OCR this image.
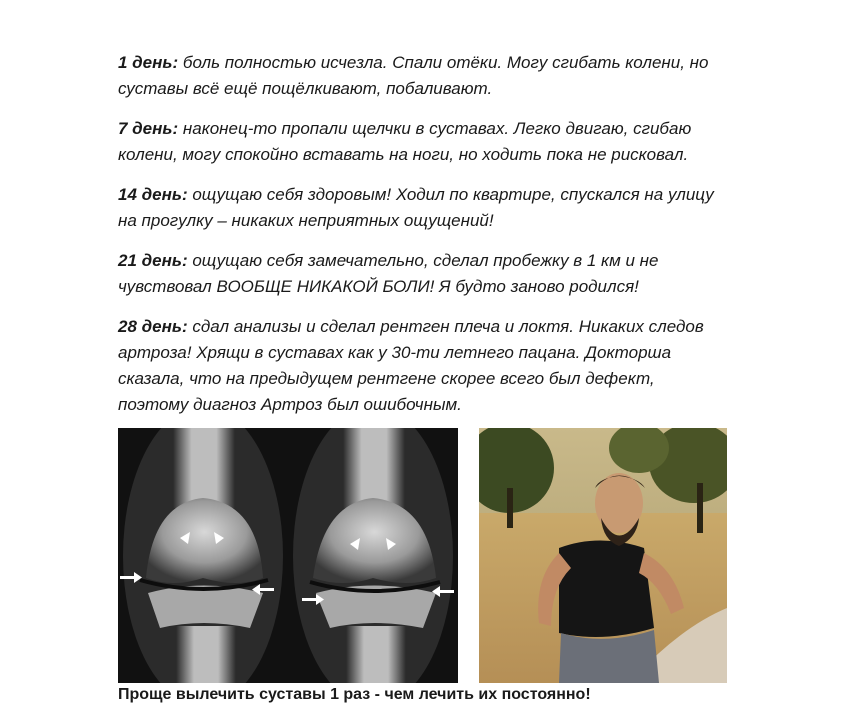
1 день: боль полностью исчезла. Спали отёки. Могу сгибать колени, но
суставы всё ещё пощёлкивают, побаливают.
7 день: наконец-то пропали щелчки в суставах. Легко двигаю, сгибаю
колени, могу спокойно вставать на ноги, но ходить пока не рисковал.
14 день: ощущаю себя здоровым! Ходил по квартире, спускался на улицу
на прогулку – никаких неприятных ощущений!
21 день: ощущаю себя замечательно, сделал пробежку в 1 км и не
чувствовал ВООБЩЕ НИКАКОЙ БОЛИ! Я будто заново родился!
28 день: сдал анализы и сделал рентген плеча и локтя. Никаких следов
артроза! Хрящи в суставах как у 30-ти летнего пацана. Докторша
сказала, что на предыдущем рентгене скорее всего был дефект,
поэтому диагноз Артроз был ошибочным.
Проще вылечить суставы 1 раз - чем лечить их постоянно!
